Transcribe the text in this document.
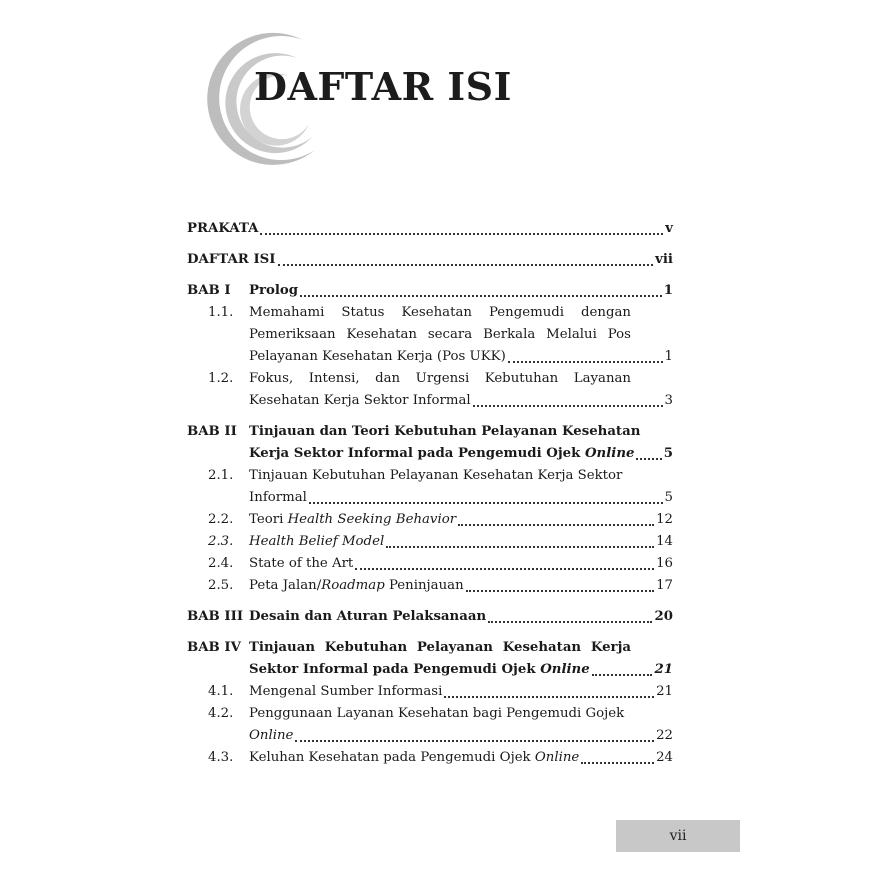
DAFTAR ISI
PRAKATA	v
DAFTAR ISI	vii
BAB I	Prolog	1
1.1.	Memahami Status Kesehatan Pengemudi dengan
Pemeriksaan Kesehatan secara Berkala Melalui Pos
Pelayanan Kesehatan Kerja (Pos UKK)	1
1.2.	Fokus, Intensi, dan Urgensi Kebutuhan Layanan
Kesehatan Kerja Sektor Informal	3
BAB II Tinjauan dan Teori Kebutuhan Pelayanan Kesehatan
Kerja Sektor Informal pada Pengemudi Ojek Online 5
2.1.	Tinjauan Kebutuhan Pelayanan Kesehatan Kerja Sektor
Informal	5
2.2.	Teori Health Seeking Behavior	12
2.3.	Health Belief Model	14
2.4.	State of the Art	16
2.5.	Peta Jalan/Roadmap Peninjauan	17
BAB III Desain dan Aturan Pelaksanaan	20
BAB IV Tinjauan Kebutuhan Pelayanan Kesehatan Kerja
Sektor Informal pada Pengemudi Ojek Online	21
4.1.	Mengenal Sumber Informasi	21
4.2.	Penggunaan Layanan Kesehatan bagi Pengemudi Gojek
Online	22
4.3.	Keluhan Kesehatan pada Pengemudi Ojek Online	24
vii
